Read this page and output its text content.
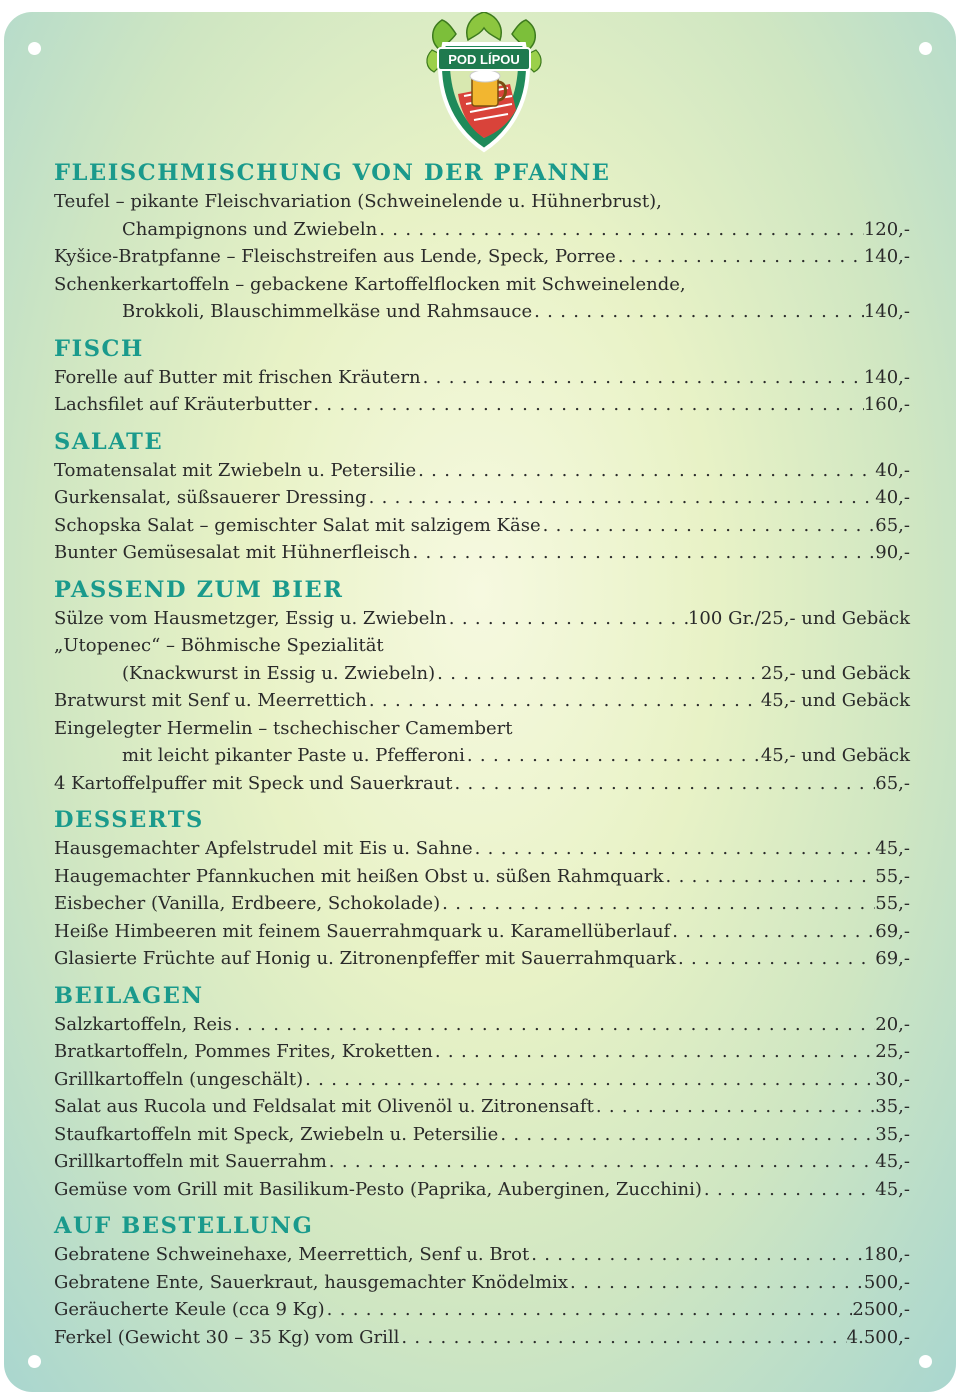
POD LÍPOU
FLEISCHMISCHUNG VON DER PFANNE
Teufel – pikante Fleischvariation (Schweinelende u. Hühnerbrust),
Champignons und Zwiebeln . . .	120,-
Kyšice-Bratpfanne – Fleischstreifen aus Lende, Speck, Porree . . .	140,-
Schenkerkartoffeln – gebackene Kartoffelflocken mit Schweinelende,
Brokkoli, Blauschimmelkäse und Rahmsauce . . .	140,-
FISCH
Forelle auf Butter mit frischen Kräutern . . .	140,-
Lachsfilet auf Kräuterbutter . . .	160,-
SALATE
Tomatensalat mit Zwiebeln u. Petersilie . . .	40,-
Gurkensalat, süßsauerer Dressing . . .	40,-
Schopska Salat – gemischter Salat mit salzigem Käse . . .	65,-
Bunter Gemüsesalat mit Hühnerfleisch . . .	90,-
PASSEND ZUM BIER
Sülze vom Hausmetzger, Essig u. Zwiebeln . . .	100 Gr./25,- und Gebäck
„Utopenec“ – Böhmische Spezialität
(Knackwurst in Essig u. Zwiebeln) . . .	25,- und Gebäck
Bratwurst mit Senf u. Meerrettich . . .	45,- und Gebäck
Eingelegter Hermelin – tschechischer Camembert
mit leicht pikanter Paste u. Pfefferoni . . .	45,- und Gebäck
4 Kartoffelpuffer mit Speck und Sauerkraut . . .	65,-
DESSERTS
Hausgemachter Apfelstrudel mit Eis u. Sahne . . .	45,-
Haugemachter Pfannkuchen mit heißen Obst u. süßen Rahmquark . . .	55,-
Eisbecher (Vanilla, Erdbeere, Schokolade) . . .	55,-
Heiße Himbeeren mit feinem Sauerrahmquark u. Karamellüberlauf . . .	69,-
Glasierte Früchte auf Honig u. Zitronenpfeffer mit Sauerrahmquark . . .	69,-
BEILAGEN
Salzkartoffeln, Reis . . .	20,-
Bratkartoffeln, Pommes Frites, Kroketten . . .	25,-
Grillkartoffeln (ungeschält) . . .	30,-
Salat aus Rucola und Feldsalat mit Olivenöl u. Zitronensaft . . .	35,-
Staufkartoffeln mit Speck, Zwiebeln u. Petersilie . . .	35,-
Grillkartoffeln mit Sauerrahm . . .	45,-
Gemüse vom Grill mit Basilikum-Pesto (Paprika, Auberginen, Zucchini) . . .	45,-
AUF BESTELLUNG
Gebratene Schweinehaxe, Meerrettich, Senf u. Brot . . .	180,-
Gebratene Ente, Sauerkraut, hausgemachter Knödelmix . . .	500,-
Geräucherte Keule (cca 9 Kg) . . .	2500,-
Ferkel (Gewicht 30 – 35 Kg) vom Grill . . .	4.500,-
